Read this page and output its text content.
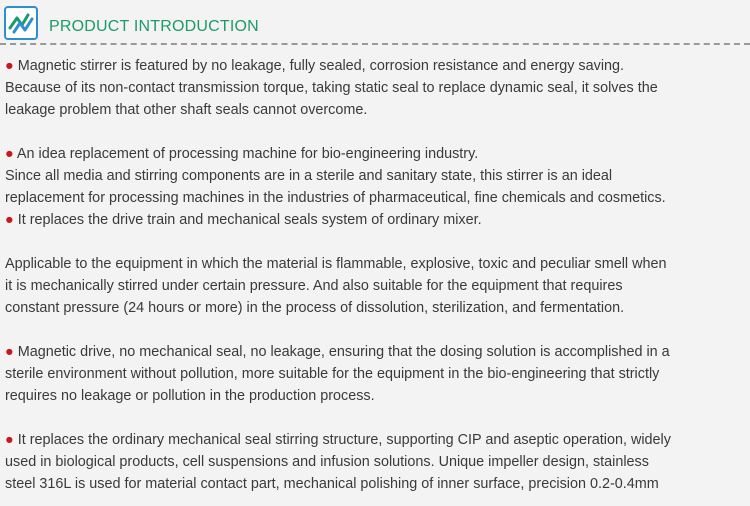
PRODUCT INTRODUCTION

● Magnetic stirrer is featured by no leakage, fully sealed, corrosion resistance and energy saving.

Because of its non-contact transmission torque, taking static seal to replace dynamic seal, it solves the

leakage problem that other shaft seals cannot overcome.

● An idea replacement of processing machine for bio-engineering industry.

Since all media and stirring components are in a sterile and sanitary state, this stirrer is an ideal

replacement for processing machines in the industries of pharmaceutical, fine chemicals and cosmetics.

● It replaces the drive train and mechanical seals system of ordinary mixer.

Applicable to the equipment in which the material is flammable, explosive, toxic and peculiar smell when

it is mechanically stirred under certain pressure. And also suitable for the equipment that requires

constant pressure (24 hours or more) in the process of dissolution, sterilization, and fermentation.

● Magnetic drive, no mechanical seal, no leakage, ensuring that the dosing solution is accomplished in a

sterile environment without pollution, more suitable for the equipment in the bio-engineering that strictly

requires no leakage or pollution in the production process.

● It replaces the ordinary mechanical seal stirring structure, supporting CIP and aseptic operation, widely

used in biological products, cell suspensions and infusion solutions. Unique impeller design, stainless

steel 316L is used for material contact part, mechanical polishing of inner surface, precision 0.2-0.4mm
